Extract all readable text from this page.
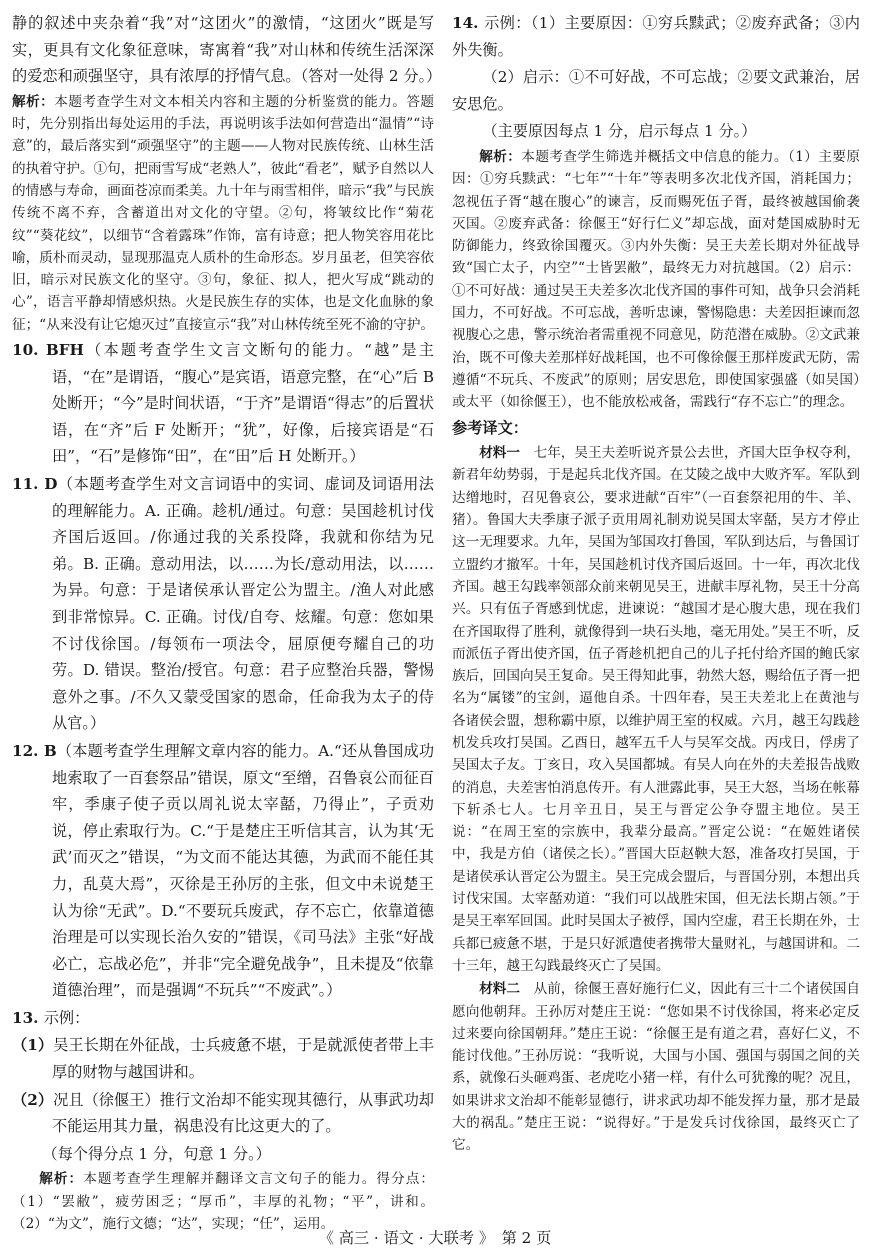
静的叙述中夹杂着“我”对“这团火”的激情，“这团火”既是写实，更具有文化象征意味，寄寓着“我”对山林和传统生活深深的爱恋和顽强坚守，具有浓厚的抒情气息。（答对一处得 2 分。）

解析：本题考查学生对文本相关内容和主题的分析鉴赏的能力。答题时，先分别指出每处运用的手法，再说明该手法如何营造出“温情”“诗意”的，最后落实到“顽强坚守”的主题——人物对民族传统、山林生活的执着守护。①句，把雨雪写成“老熟人”，彼此“看老”，赋予自然以人的情感与寿命，画面苍凉而柔美。九十年与雨雪相伴，暗示“我”与民族传统不离不弃，含蓄道出对文化的守望。②句，将皱纹比作“菊花纹”“葵花纹”，以细节“含着露珠”作饰，富有诗意；把人物笑容用花比喻，质朴而灵动，显现那温克人质朴的生命形态。岁月虽老，但笑容依旧，暗示对民族文化的坚守。③句，象征、拟人，把火写成“跳动的心”，语言平静却情感炽热。火是民族生存的实体，也是文化血脉的象征；“从来没有让它熄灭过”直接宣示“我”对山林传统至死不渝的守护。

10. BFH（本题考查学生文言文断句的能力。“越”是主语，“在”是谓语，“腹心”是宾语，语意完整，在“心”后 B 处断开；“今”是时间状语，“于齐”是谓语“得志”的后置状语，在“齐”后 F 处断开；“犹”，好像，后接宾语是“石田”，“石”是修饰“田”，在“田”后 H 处断开。）

11. D（本题考查学生对文言词语中的实词、虚词及词语用法的理解能力。A. 正确。趁机/通过。句意：吴国趁机讨伐齐国后返回。/你通过我的关系投降，我就和你结为兄弟。B. 正确。意动用法，以……为长/意动用法，以……为异。句意：于是诸侯承认晋定公为盟主。/渔人对此感到非常惊异。C. 正确。讨伐/自夸、炫耀。句意：您如果不讨伐徐国。/每领布一项法令，屈原便夸耀自己的功劳。D. 错误。整治/授官。句意：君子应整治兵器，警惕意外之事。/不久又蒙受国家的恩命，任命我为太子的侍从官。）

12. B（本题考查学生理解文章内容的能力。A.“还从鲁国成功地索取了一百套祭品”错误，原文“至缯，召鲁哀公而征百牢，季康子使子贡以周礼说太宰嚭，乃得止”，子贡劝说，停止索取行为。C.“于是楚庄王听信其言，认为其‘无武’而灭之”错误，“为文而不能达其德，为武而不能任其力，乱莫大焉”，灭徐是王孙厉的主张，但文中未说楚王认为徐“无武”。D.“不要玩兵废武，存不忘亡，依靠道德治理是可以实现长治久安的”错误，《司马法》主张“好战必亡，忘战必危”，并非“完全避免战争”，且未提及“依靠道德治理”，而是强调“不玩兵”“不废武”。）

13. 示例：

（1）吴王长期在外征战，士兵疲惫不堪，于是就派使者带上丰厚的财物与越国讲和。

（2）况且（徐偃王）推行文治却不能实现其德行，从事武功却不能运用其力量，祸患没有比这更大的了。

（每个得分点 1 分，句意 1 分。）

解析：本题考查学生理解并翻译文言文句子的能力。得分点：（1）“罢敝”，疲劳困乏；“厚币”，丰厚的礼物；“平”，讲和。（2）“为文”，施行文德；“达”，实现；“任”，运用。

14. 示例：（1）主要原因：①穷兵黩武；②废弃武备；③内外失衡。

（2）启示：①不可好战，不可忘战；②要文武兼治，居安思危。

（主要原因每点 1 分，启示每点 1 分。）

解析：本题考查学生筛选并概括文中信息的能力。（1）主要原因：①穷兵黩武：“七年”“十年”等表明多次北伐齐国，消耗国力；忽视伍子胥“越在腹心”的谏言，反而赐死伍子胥，最终被越国偷袭灭国。②废弃武备：徐偃王“好行仁义”却忘战，面对楚国威胁时无防御能力，终致徐国覆灭。③内外失衡：吴王夫差长期对外征战导致“国亡太子，内空”“士皆罢敝”，最终无力对抗越国。（2）启示：①不可好战：通过吴王夫差多次北伐齐国的事件可知，战争只会消耗国力，不可好战。不可忘战，善听忠谏，警惕隐患：夫差因拒谏而忽视腹心之患，警示统治者需重视不同意见，防范潜在威胁。②文武兼治，既不可像夫差那样好战耗国，也不可像徐偃王那样废武无防，需遵循“不玩兵、不废武”的原则；居安思危，即使国家强盛（如吴国）或太平（如徐偃王），也不能放松戒备，需践行“存不忘亡”的理念。

参考译文：

材料一　七年，吴王夫差听说齐景公去世，齐国大臣争权夺利，新君年幼势弱，于是起兵北伐齐国。在艾陵之战中大败齐军。军队到达缯地时，召见鲁哀公，要求进献“百牢”（一百套祭祀用的牛、羊、猪）。鲁国大夫季康子派子贡用周礼制劝说吴国太宰嚭，吴方才停止这一无理要求。九年，吴国为邹国攻打鲁国，军队到达后，与鲁国订立盟约才撤军。十年，吴国趁机讨伐齐国后返回。十一年，再次北伐齐国。越王勾践率领部众前来朝见吴王，进献丰厚礼物，吴王十分高兴。只有伍子胥感到忧虑，进谏说：“越国才是心腹大患，现在我们在齐国取得了胜利，就像得到一块石头地，毫无用处。”吴王不听，反而派伍子胥出使齐国，伍子胥趁机把自己的儿子托付给齐国的鲍氏家族后，回国向吴王复命。吴王得知此事，勃然大怒，赐给伍子胥一把名为“属镂”的宝剑，逼他自杀。十四年春，吴王夫差北上在黄池与各诸侯会盟，想称霸中原，以维护周王室的权威。六月，越王勾践趁机发兵攻打吴国。乙酉日，越军五千人与吴军交战。丙戌日，俘虏了吴国太子友。丁亥日，攻入吴国都城。有吴人向在外的夫差报告战败的消息，夫差害怕消息传开。有人泄露此事，吴王大怒，当场在帐幕下斩杀七人。七月辛丑日，吴王与晋定公争夺盟主地位。吴王说：“在周王室的宗族中，我辈分最高。”晋定公说：“在姬姓诸侯中，我是方伯（诸侯之长）。”晋国大臣赵鞅大怒，准备攻打吴国，于是诸侯承认晋定公为盟主。吴王完成会盟后，与晋国分别，本想出兵讨伐宋国。太宰嚭劝道：“我们可以战胜宋国，但无法长期占领。”于是吴王率军回国。此时吴国太子被俘，国内空虚，君王长期在外，士兵都已疲惫不堪，于是只好派遣使者携带大量财礼，与越国讲和。二十三年，越王勾践最终灭亡了吴国。

材料二　从前，徐偃王喜好施行仁义，因此有三十二个诸侯国自愿向他朝拜。王孙厉对楚庄王说：“您如果不讨伐徐国，将来必定反过来要向徐国朝拜。”楚庄王说：“徐偃王是有道之君，喜好仁义，不能讨伐他。”王孙厉说：“我听说，大国与小国、强国与弱国之间的关系，就像石头砸鸡蛋、老虎吃小猪一样，有什么可犹豫的呢？况且，如果讲求文治却不能彰显德行，讲求武功却不能发挥力量，那才是最大的祸乱。”楚庄王说：“说得好。”于是发兵讨伐徐国，最终灭亡了它。

《 高三 · 语文 · 大联考 》　第 2 页
